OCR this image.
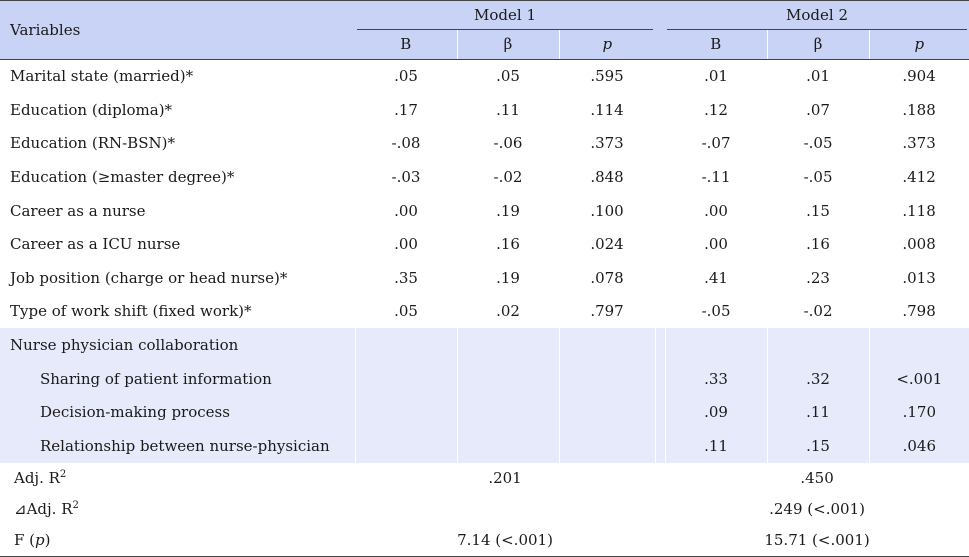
Variables	Model 1				Model 2		

	B	β	p		B	β	p
Marital state (married)*	.05	.05	.595		.01	.01	.904
Education (diploma)*	.17	.11	.114		.12	.07	.188
Education (RN-BSN)*	-.08	-.06	.373		-.07	-.05	.373
Education (≥master degree)*	-.03	-.02	.848		-.11	-.05	.412
Career as a nurse	.00	.19	.100		.00	.15	.118
Career as a ICU nurse	.00	.16	.024		.00	.16	.008
Job position (charge or head nurse)*	.35	.19	.078		.41	.23	.013
Type of work shift (fixed work)*	.05	.02	.797		-.05	-.02	.798
Nurse physician collaboration							
Sharing of patient information					.33	.32	<.001
Decision-making process					.09	.11	.170
Relationship between nurse-physician					.11	.15	.046
Adj. $R^2$	.201				.450		
⊿Adj. $R^2$					.249 (<.001)		
F (p)	7.14 (<.001)				15.71 (<.001)		
